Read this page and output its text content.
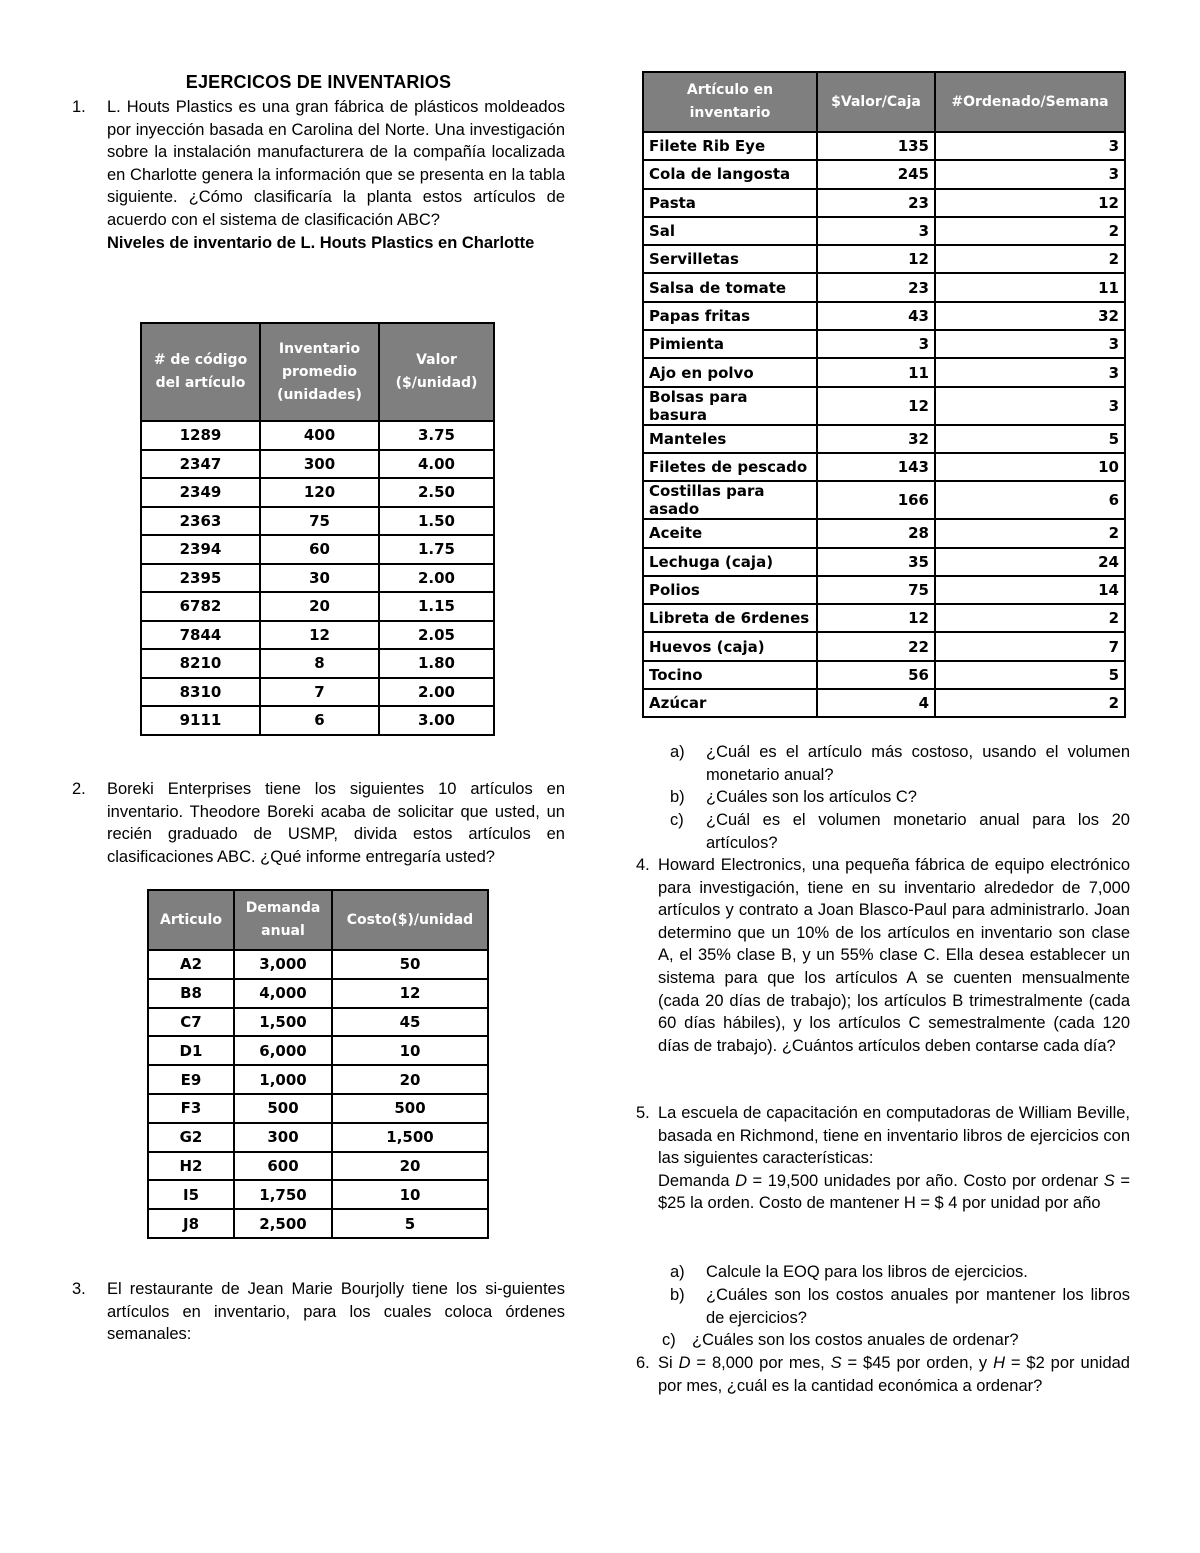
EJERCICOS DE INVENTARIOS
1. L. Houts Plastics es una gran fábrica de plásticos moldeados por inyección basada en Carolina del Norte. Una investigación sobre la instalación manufacturera de la compañía localizada en Charlotte genera la información que se presenta en la tabla siguiente. ¿Cómo clasificaría la planta estos artículos de acuerdo con el sistema de clasificación ABC?
Niveles de inventario de L. Houts Plastics en Charlotte
# de código del artículo	Inventario promedio (unidades)	Valor ($/unidad)
1289	400	3.75
2347	300	4.00
2349	120	2.50
2363	75	1.50
2394	60	1.75
2395	30	2.00
6782	20	1.15
7844	12	2.05
8210	8	1.80
8310	7	2.00
9111	6	3.00
2. Boreki Enterprises tiene los siguientes 10 artículos en inventario. Theodore Boreki acaba de solicitar que usted, un recién graduado de USMP, divida estos artículos en clasificaciones ABC. ¿Qué informe entregaría usted?
Articulo	Demanda anual	Costo($)/unidad
A2	3,000	50
B8	4,000	12
C7	1,500	45
D1	6,000	10
E9	1,000	20
F3	500	500
G2	300	1,500
H2	600	20
I5	1,750	10
J8	2,500	5
3. El restaurante de Jean Marie Bourjolly tiene los si-guientes artículos en inventario, para los cuales coloca órdenes semanales:
Artículo en inventario	$Valor/Caja	#Ordenado/Semana
Filete Rib Eye	135	3
Cola de langosta	245	3
Pasta	23	12
Sal	3	2
Servilletas	12	2
Salsa de tomate	23	11
Papas fritas	43	32
Pimienta	3	3
Ajo en polvo	11	3
Bolsas para basura	12	3
Manteles	32	5
Filetes de pescado	143	10
Costillas para asado	166	6
Aceite	28	2
Lechuga (caja)	35	24
Polios	75	14
Libreta de 6rdenes	12	2
Huevos (caja)	22	7
Tocino	56	5
Azúcar	4	2
a) ¿Cuál es el artículo más costoso, usando el volumen monetario anual?
b) ¿Cuáles son los artículos C?
c) ¿Cuál es el volumen monetario anual para los 20 artículos?
4. Howard Electronics, una pequeña fábrica de equipo electrónico para investigación, tiene en su inventario alrededor de 7,000 artículos y contrato a Joan Blasco-Paul para administrarlo. Joan determino que un 10% de los artículos en inventario son clase A, el 35% clase B, y un 55% clase C. Ella desea establecer un sistema para que los artículos A se cuenten mensualmente (cada 20 días de trabajo); los artículos B trimestralmente (cada 60 días hábiles), y los artículos C semestralmente (cada 120 días de trabajo). ¿Cuántos artículos deben contarse cada día?
5. La escuela de capacitación en computadoras de William Beville, basada en Richmond, tiene en inventario libros de ejercicios con las siguientes características:
Demanda D = 19,500 unidades por año. Costo por ordenar S = $25 la orden. Costo de mantener H = $ 4 por unidad por año
a) Calcule la EOQ para los libros de ejercicios.
b) ¿Cuáles son los costos anuales por mantener los libros de ejercicios?
c) ¿Cuáles son los costos anuales de ordenar?
6. Si D = 8,000 por mes, S = $45 por orden, y H = $2 por unidad por mes, ¿cuál es la cantidad económica a ordenar?
